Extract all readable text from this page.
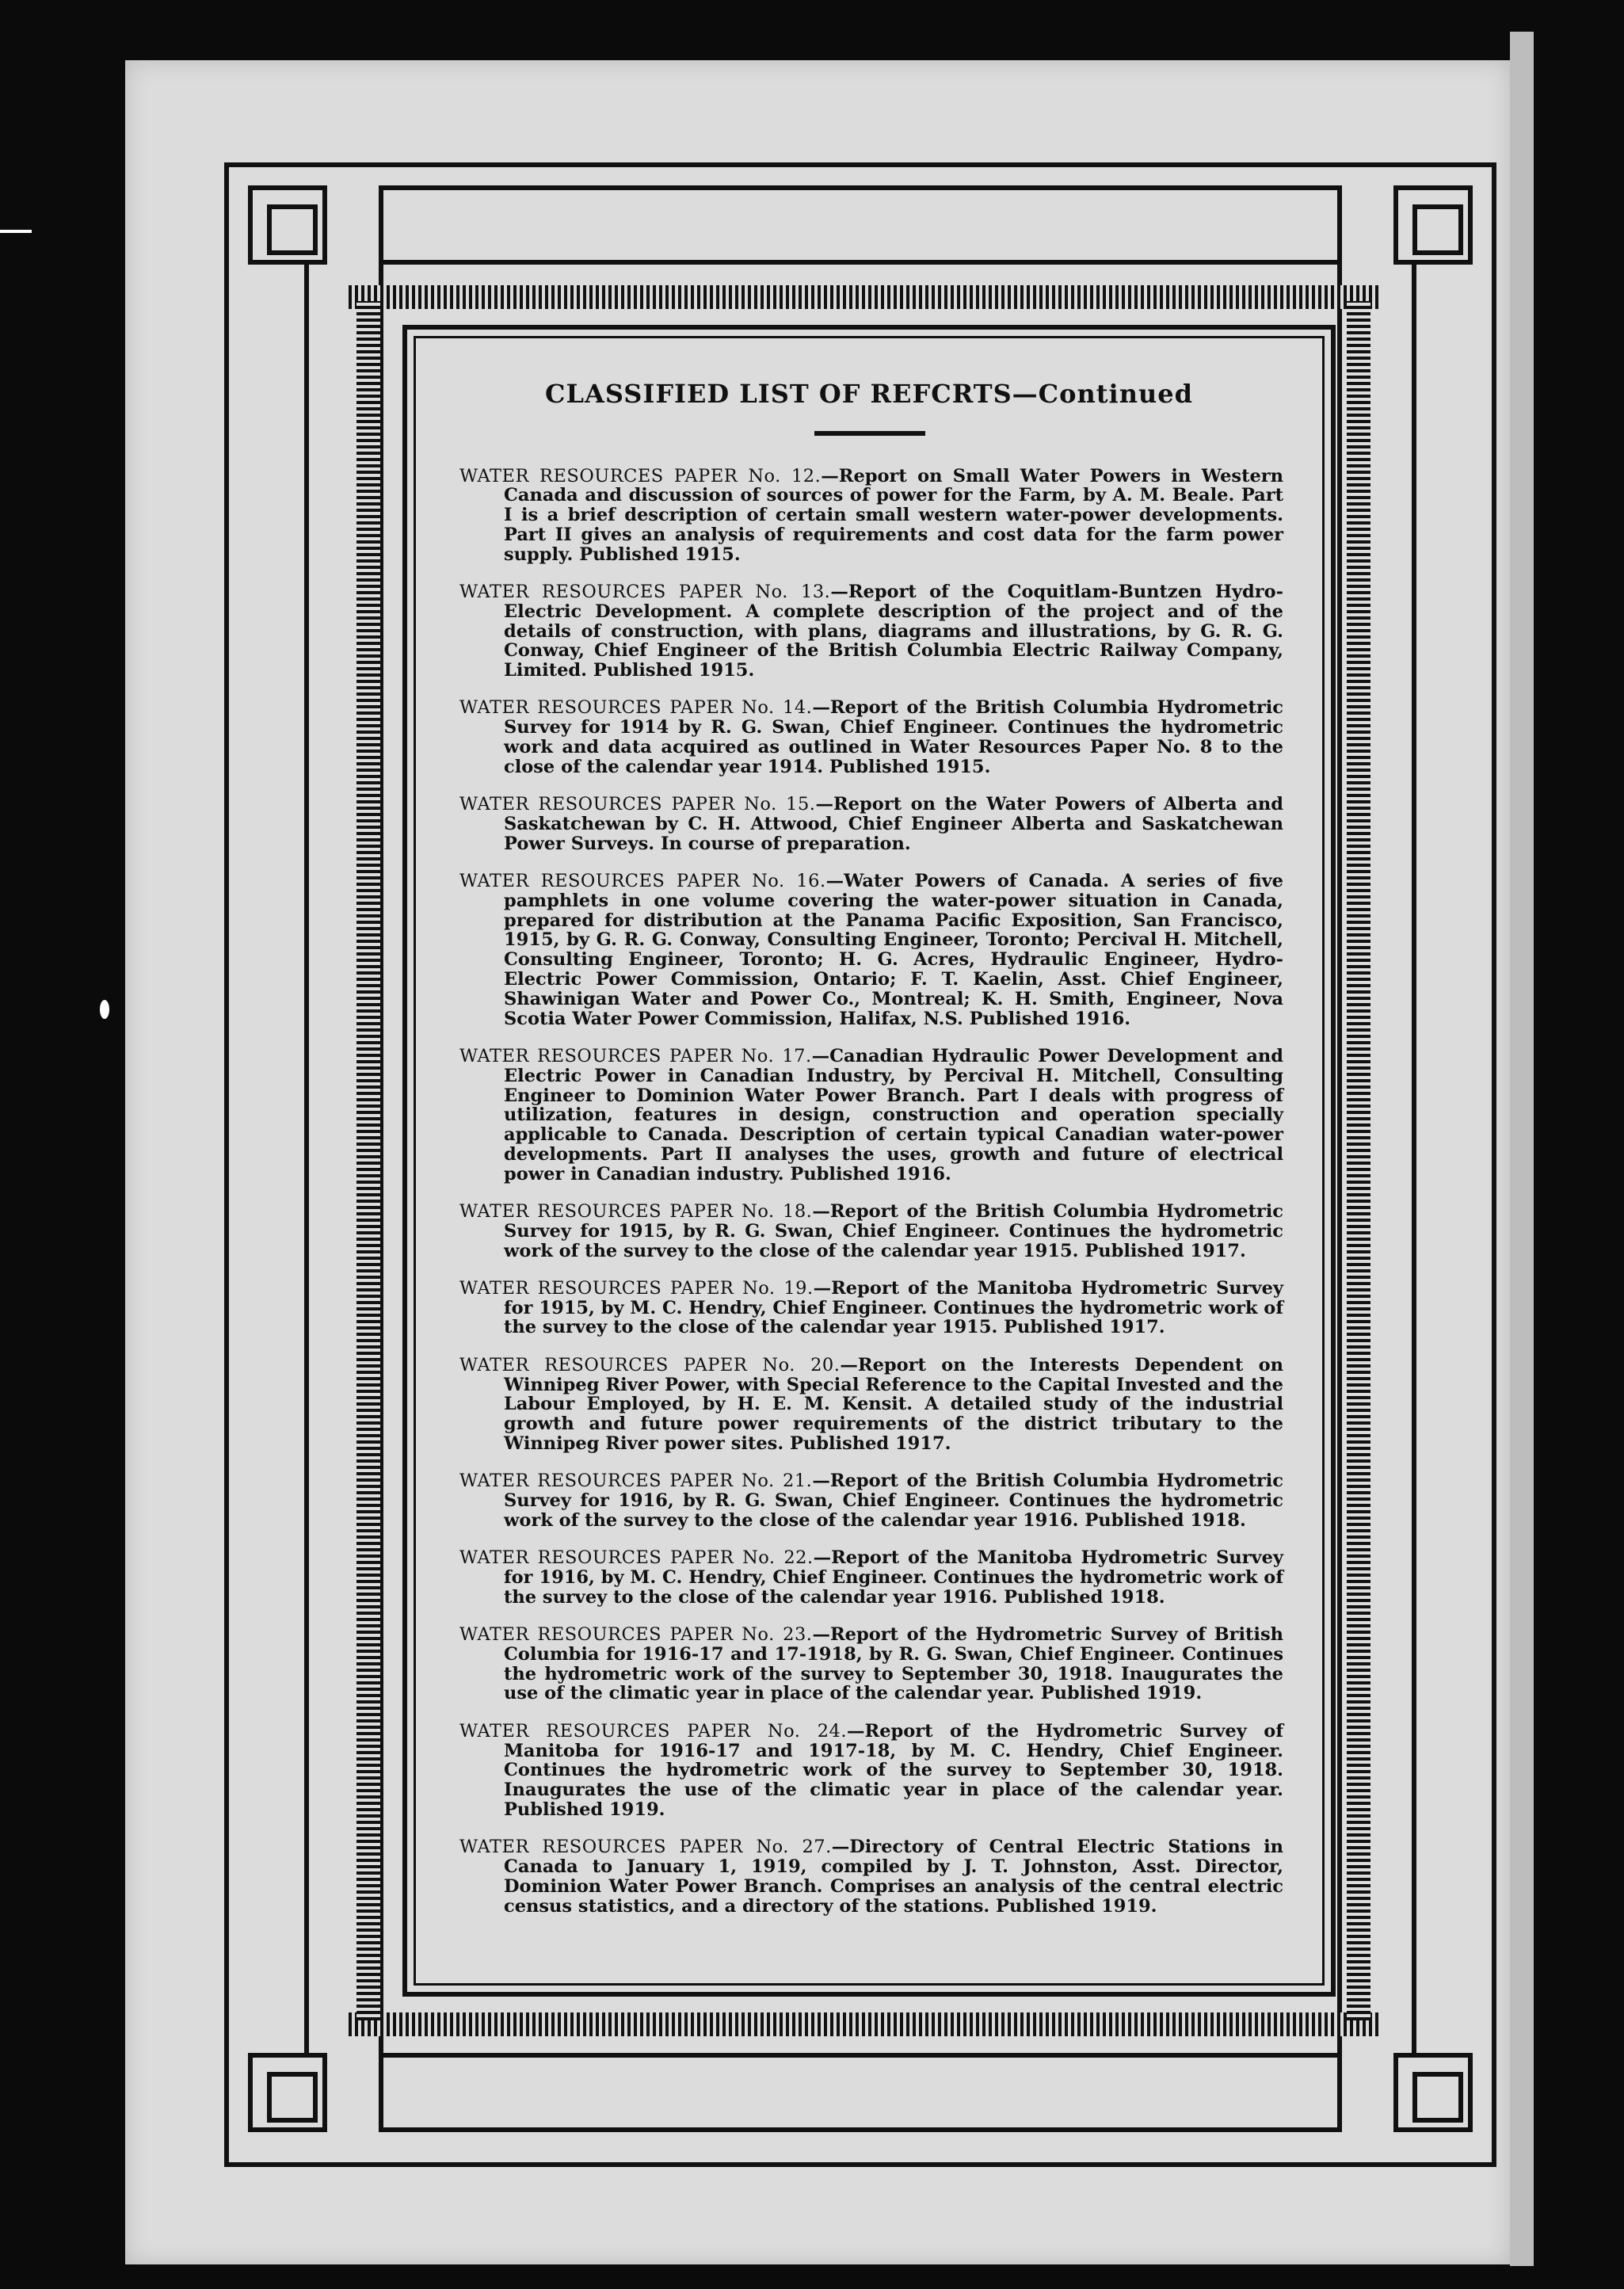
CLASSIFIED LIST OF REFCRTS—Continued

WATER RESOURCES PAPER No. 12.—Report on Small Water Powers in Western Canada and discussion of sources of power for the Farm, by A. M. Beale. Part I is a brief description of certain small western water-power developments. Part II gives an analysis of requirements and cost data for the farm power supply. Published 1915.

WATER RESOURCES PAPER No. 13.—Report of the Coquitlam-Buntzen Hydro-Electric Development. A complete description of the project and of the details of construction, with plans, diagrams and illustrations, by G. R. G. Conway, Chief Engineer of the British Columbia Electric Railway Company, Limited. Published 1915.

WATER RESOURCES PAPER No. 14.—Report of the British Columbia Hydrometric Survey for 1914 by R. G. Swan, Chief Engineer. Continues the hydrometric work and data acquired as outlined in Water Resources Paper No. 8 to the close of the calendar year 1914. Published 1915.

WATER RESOURCES PAPER No. 15.—Report on the Water Powers of Alberta and Saskatchewan by C. H. Attwood, Chief Engineer Alberta and Saskatchewan Power Surveys. In course of preparation.

WATER RESOURCES PAPER No. 16.—Water Powers of Canada. A series of five pamphlets in one volume covering the water-power situation in Canada, prepared for distribution at the Panama Pacific Exposition, San Francisco, 1915, by G. R. G. Conway, Consulting Engineer, Toronto; Percival H. Mitchell, Consulting Engineer, Toronto; H. G. Acres, Hydraulic Engineer, Hydro-Electric Power Commission, Ontario; F. T. Kaelin, Asst. Chief Engineer, Shawinigan Water and Power Co., Montreal; K. H. Smith, Engineer, Nova Scotia Water Power Commission, Halifax, N.S. Published 1916.

WATER RESOURCES PAPER No. 17.—Canadian Hydraulic Power Development and Electric Power in Canadian Industry, by Percival H. Mitchell, Consulting Engineer to Dominion Water Power Branch. Part I deals with progress of utilization, features in design, construction and operation specially applicable to Canada. Description of certain typical Canadian water-power developments. Part II analyses the uses, growth and future of electrical power in Canadian industry. Published 1916.

WATER RESOURCES PAPER No. 18.—Report of the British Columbia Hydrometric Survey for 1915, by R. G. Swan, Chief Engineer. Continues the hydrometric work of the survey to the close of the calendar year 1915. Published 1917.

WATER RESOURCES PAPER No. 19.—Report of the Manitoba Hydrometric Survey for 1915, by M. C. Hendry, Chief Engineer. Continues the hydrometric work of the survey to the close of the calendar year 1915. Published 1917.

WATER RESOURCES PAPER No. 20.—Report on the Interests Dependent on Winnipeg River Power, with Special Reference to the Capital Invested and the Labour Employed, by H. E. M. Kensit. A detailed study of the industrial growth and future power requirements of the district tributary to the Winnipeg River power sites. Published 1917.

WATER RESOURCES PAPER No. 21.—Report of the British Columbia Hydrometric Survey for 1916, by R. G. Swan, Chief Engineer. Continues the hydrometric work of the survey to the close of the calendar year 1916. Published 1918.

WATER RESOURCES PAPER No. 22.—Report of the Manitoba Hydrometric Survey for 1916, by M. C. Hendry, Chief Engineer. Continues the hydrometric work of the survey to the close of the calendar year 1916. Published 1918.

WATER RESOURCES PAPER No. 23.—Report of the Hydrometric Survey of British Columbia for 1916-17 and 17-1918, by R. G. Swan, Chief Engineer. Continues the hydrometric work of the survey to September 30, 1918. Inaugurates the use of the climatic year in place of the calendar year. Published 1919.

WATER RESOURCES PAPER No. 24.—Report of the Hydrometric Survey of Manitoba for 1916-17 and 1917-18, by M. C. Hendry, Chief Engineer. Continues the hydrometric work of the survey to September 30, 1918. Inaugurates the use of the climatic year in place of the calendar year. Published 1919.

WATER RESOURCES PAPER No. 27.—Directory of Central Electric Stations in Canada to January 1, 1919, compiled by J. T. Johnston, Asst. Director, Dominion Water Power Branch. Comprises an analysis of the central electric census statistics, and a directory of the stations. Published 1919.
